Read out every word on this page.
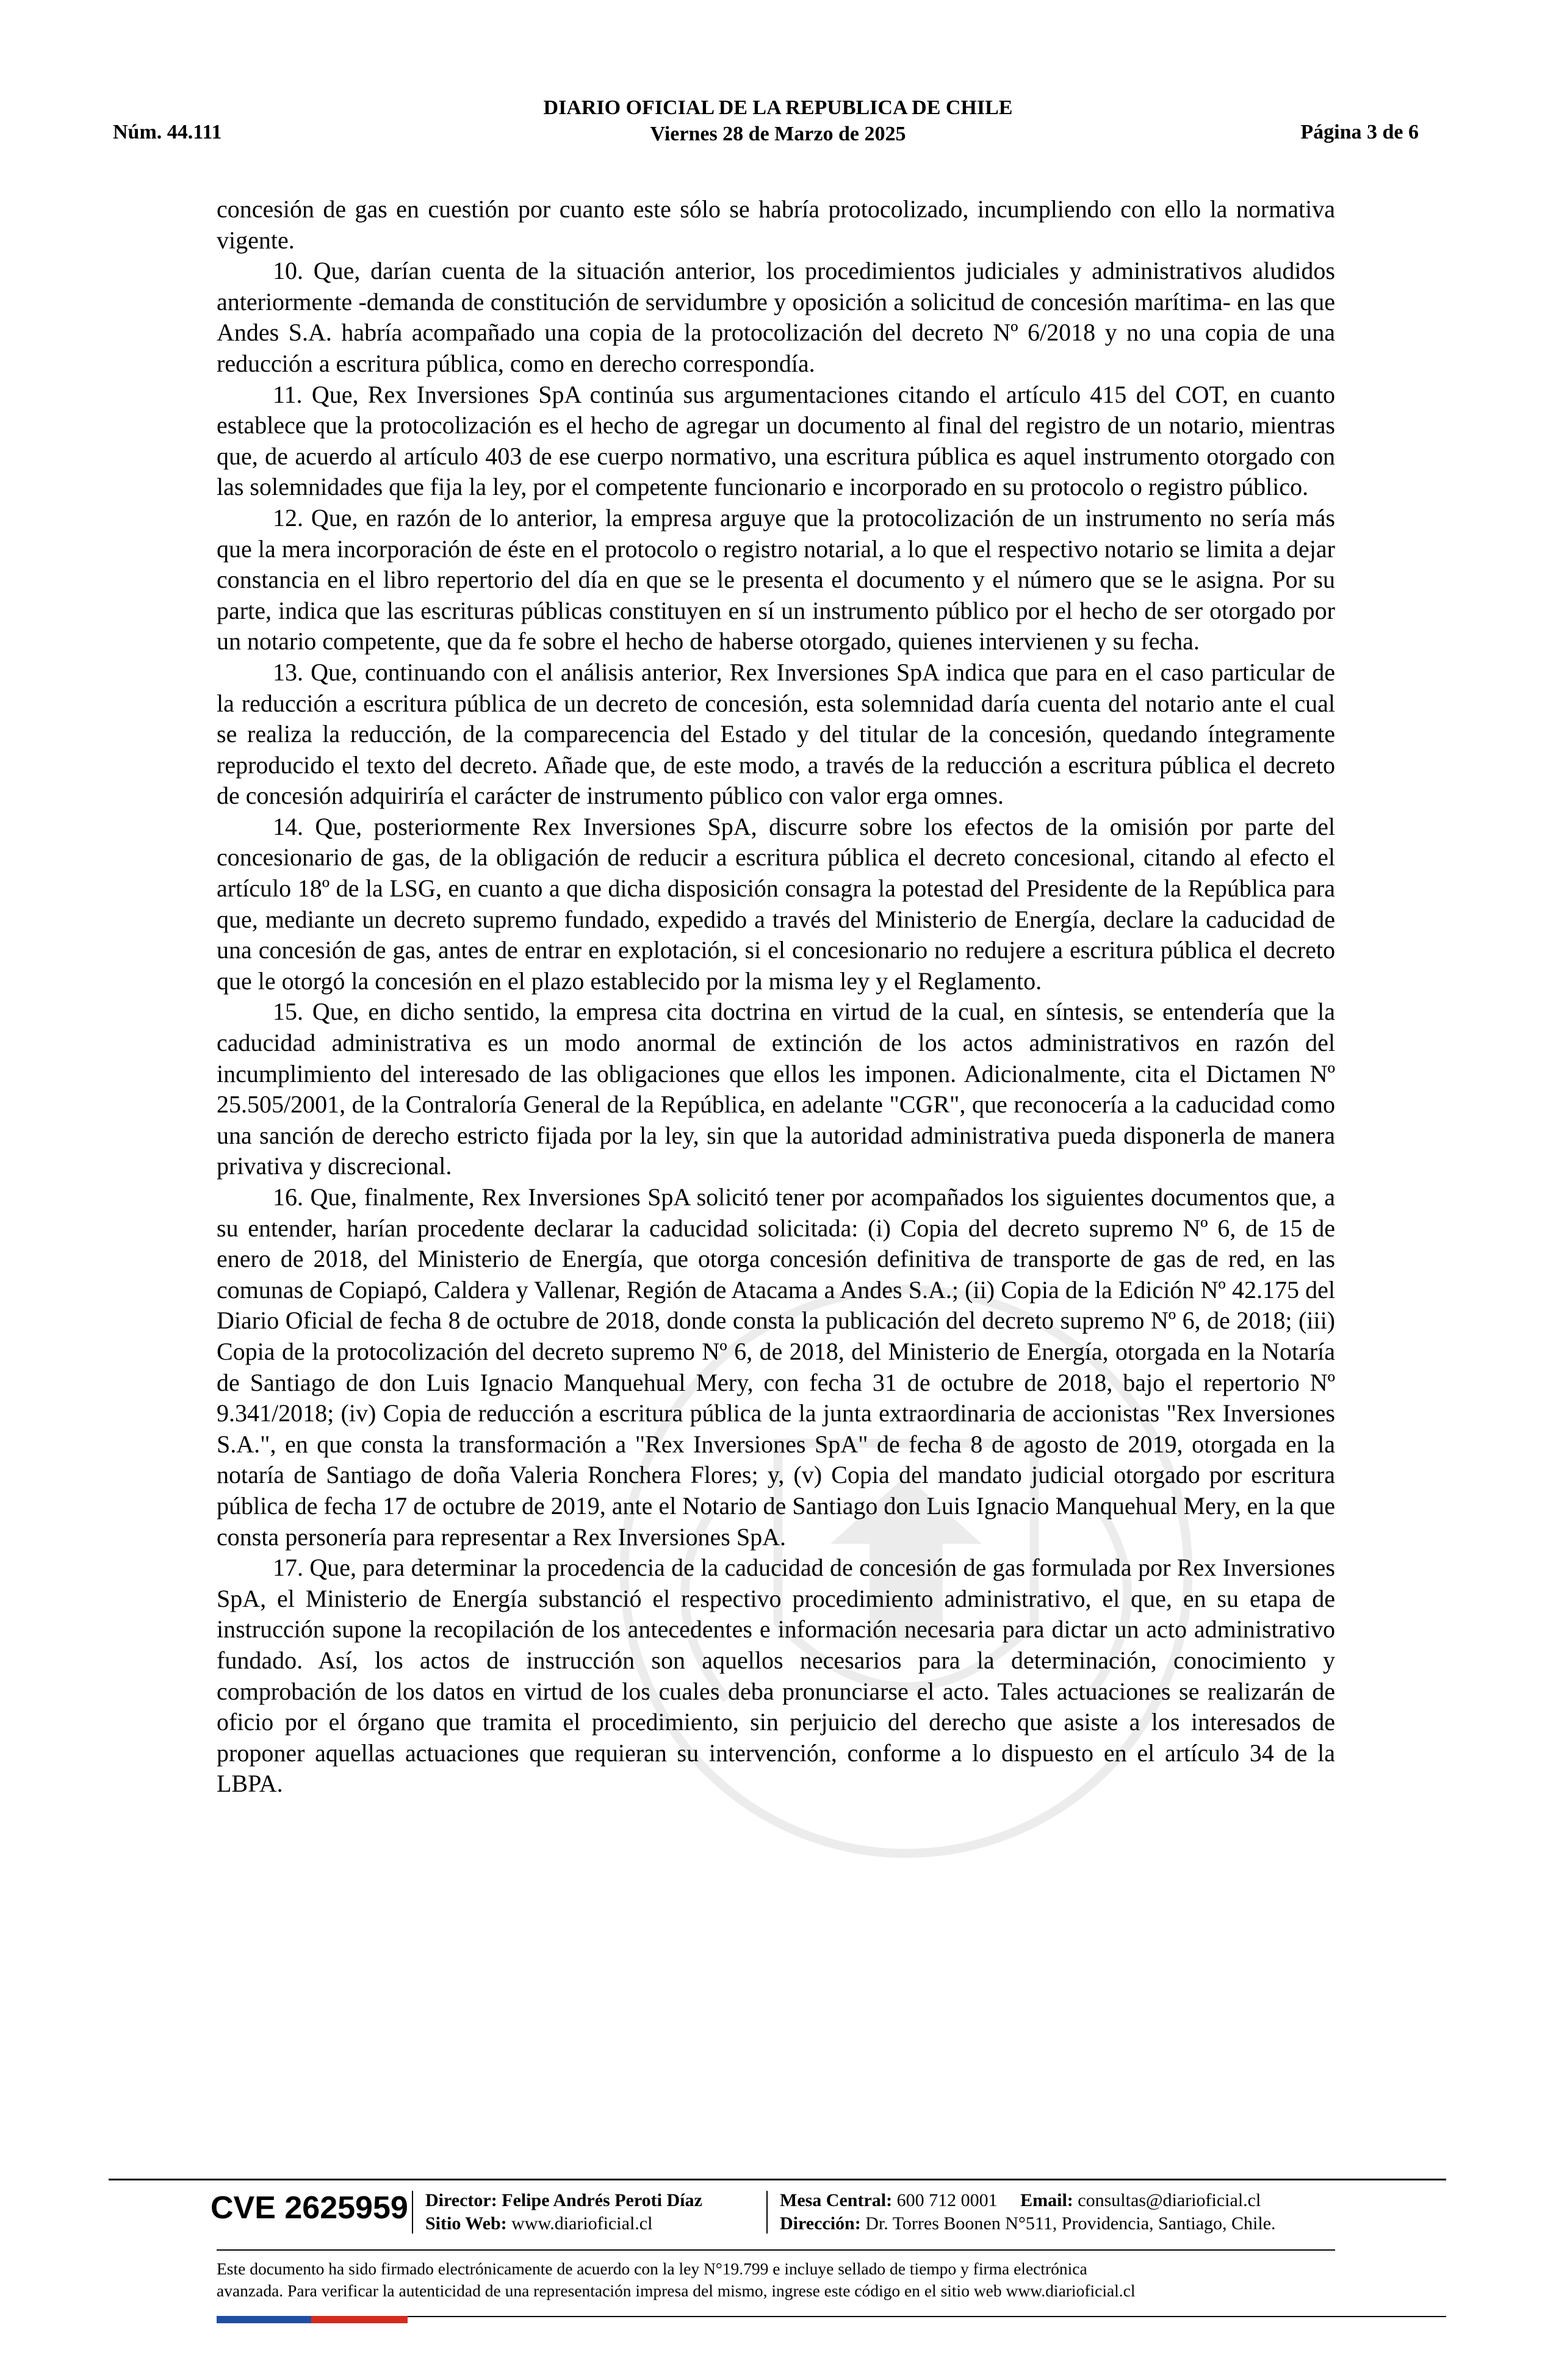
Núm. 44.111
DIARIO OFICIAL DE LA REPUBLICA DE CHILE
Viernes 28 de Marzo de 2025	Página 3 de 6

concesión de gas en cuestión por cuanto este sólo se habría protocolizado, incumpliendo con ello la normativa vigente.

10. Que, darían cuenta de la situación anterior, los procedimientos judiciales y administrativos aludidos anteriormente -demanda de constitución de servidumbre y oposición a solicitud de concesión marítima- en las que Andes S.A. habría acompañado una copia de la protocolización del decreto Nº 6/2018 y no una copia de una reducción a escritura pública, como en derecho correspondía.

11. Que, Rex Inversiones SpA continúa sus argumentaciones citando el artículo 415 del COT, en cuanto establece que la protocolización es el hecho de agregar un documento al final del registro de un notario, mientras que, de acuerdo al artículo 403 de ese cuerpo normativo, una escritura pública es aquel instrumento otorgado con las solemnidades que fija la ley, por el competente funcionario e incorporado en su protocolo o registro público.

12. Que, en razón de lo anterior, la empresa arguye que la protocolización de un instrumento no sería más que la mera incorporación de éste en el protocolo o registro notarial, a lo que el respectivo notario se limita a dejar constancia en el libro repertorio del día en que se le presenta el documento y el número que se le asigna. Por su parte, indica que las escrituras públicas constituyen en sí un instrumento público por el hecho de ser otorgado por un notario competente, que da fe sobre el hecho de haberse otorgado, quienes intervienen y su fecha.

13. Que, continuando con el análisis anterior, Rex Inversiones SpA indica que para en el caso particular de la reducción a escritura pública de un decreto de concesión, esta solemnidad daría cuenta del notario ante el cual se realiza la reducción, de la comparecencia del Estado y del titular de la concesión, quedando íntegramente reproducido el texto del decreto. Añade que, de este modo, a través de la reducción a escritura pública el decreto de concesión adquiriría el carácter de instrumento público con valor erga omnes.

14. Que, posteriormente Rex Inversiones SpA, discurre sobre los efectos de la omisión por parte del concesionario de gas, de la obligación de reducir a escritura pública el decreto concesional, citando al efecto el artículo 18º de la LSG, en cuanto a que dicha disposición consagra la potestad del Presidente de la República para que, mediante un decreto supremo fundado, expedido a través del Ministerio de Energía, declare la caducidad de una concesión de gas, antes de entrar en explotación, si el concesionario no redujere a escritura pública el decreto que le otorgó la concesión en el plazo establecido por la misma ley y el Reglamento.

15. Que, en dicho sentido, la empresa cita doctrina en virtud de la cual, en síntesis, se entendería que la caducidad administrativa es un modo anormal de extinción de los actos administrativos en razón del incumplimiento del interesado de las obligaciones que ellos les imponen. Adicionalmente, cita el Dictamen Nº 25.505/2001, de la Contraloría General de la República, en adelante "CGR", que reconocería a la caducidad como una sanción de derecho estricto fijada por la ley, sin que la autoridad administrativa pueda disponerla de manera privativa y discrecional.

16. Que, finalmente, Rex Inversiones SpA solicitó tener por acompañados los siguientes documentos que, a su entender, harían procedente declarar la caducidad solicitada: (i) Copia del decreto supremo Nº 6, de 15 de enero de 2018, del Ministerio de Energía, que otorga concesión definitiva de transporte de gas de red, en las comunas de Copiapó, Caldera y Vallenar, Región de Atacama a Andes S.A.; (ii) Copia de la Edición Nº 42.175 del Diario Oficial de fecha 8 de octubre de 2018, donde consta la publicación del decreto supremo Nº 6, de 2018; (iii) Copia de la protocolización del decreto supremo Nº 6, de 2018, del Ministerio de Energía, otorgada en la Notaría de Santiago de don Luis Ignacio Manquehual Mery, con fecha 31 de octubre de 2018, bajo el repertorio Nº 9.341/2018; (iv) Copia de reducción a escritura pública de la junta extraordinaria de accionistas "Rex Inversiones S.A.", en que consta la transformación a "Rex Inversiones SpA" de fecha 8 de agosto de 2019, otorgada en la notaría de Santiago de doña Valeria Ronchera Flores; y, (v) Copia del mandato judicial otorgado por escritura pública de fecha 17 de octubre de 2019, ante el Notario de Santiago don Luis Ignacio Manquehual Mery, en la que consta personería para representar a Rex Inversiones SpA.

17. Que, para determinar la procedencia de la caducidad de concesión de gas formulada por Rex Inversiones SpA, el Ministerio de Energía substanció el respectivo procedimiento administrativo, el que, en su etapa de instrucción supone la recopilación de los antecedentes e información necesaria para dictar un acto administrativo fundado. Así, los actos de instrucción son aquellos necesarios para la determinación, conocimiento y comprobación de los datos en virtud de los cuales deba pronunciarse el acto. Tales actuaciones se realizarán de oficio por el órgano que tramita el procedimiento, sin perjuicio del derecho que asiste a los interesados de proponer aquellas actuaciones que requieran su intervención, conforme a lo dispuesto en el artículo 34 de la LBPA.

CVE 2625959 Director: Felipe Andrés Peroti Díaz
Sitio Web: www.diarioficial.cl
Mesa Central: 600 712 0001 Email: consultas@diarioficial.cl
Dirección: Dr. Torres Boonen N°511, Providencia, Santiago, Chile.
Este documento ha sido firmado electrónicamente de acuerdo con la ley N°19.799 e incluye sellado de tiempo y firma electrónica
avanzada. Para verificar la autenticidad de una representación impresa del mismo, ingrese este código en el sitio web www.diarioficial.cl
